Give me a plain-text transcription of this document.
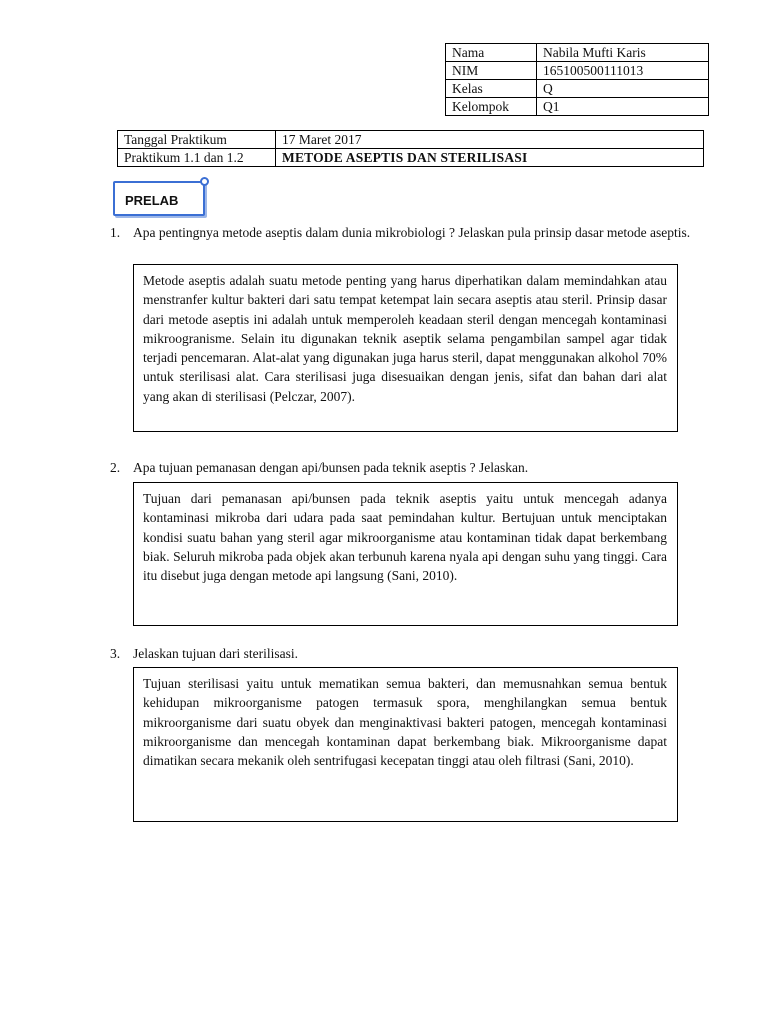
Nama	Nabila Mufti Karis
NIM	165100500111013
Kelas	Q
Kelompok	Q1
Tanggal Praktikum	17 Maret 2017
Praktikum 1.1 dan 1.2	METODE ASEPTIS DAN STERILISASI
PRELAB
1. Apa pentingnya metode aseptis dalam dunia mikrobiologi ? Jelaskan pula prinsip dasar metode aseptis.
Metode aseptis adalah suatu metode penting yang harus diperhatikan dalam memindahkan atau menstranfer kultur bakteri dari satu tempat ketempat lain secara aseptis atau steril. Prinsip dasar dari metode aseptis ini adalah untuk memperoleh keadaan steril dengan mencegah kontaminasi mikroogranisme. Selain itu digunakan teknik aseptik selama pengambilan sampel agar tidak terjadi pencemaran. Alat-alat yang digunakan juga harus steril, dapat menggunakan alkohol 70% untuk sterilisasi alat. Cara sterilisasi juga disesuaikan dengan jenis, sifat dan bahan dari alat yang akan di sterilisasi (Pelczar, 2007).
2. Apa tujuan pemanasan dengan api/bunsen pada teknik aseptis ? Jelaskan.
Tujuan dari pemanasan api/bunsen pada teknik aseptis yaitu untuk mencegah adanya kontaminasi mikroba dari udara pada saat pemindahan kultur. Bertujuan untuk menciptakan kondisi suatu bahan yang steril agar mikroorganisme atau kontaminan tidak dapat berkembang biak. Seluruh mikroba pada objek akan terbunuh karena nyala api dengan suhu yang tinggi. Cara itu disebut juga dengan metode api langsung (Sani, 2010).
3. Jelaskan tujuan dari sterilisasi.
Tujuan sterilisasi yaitu untuk mematikan semua bakteri, dan memusnahkan semua bentuk kehidupan mikroorganisme patogen termasuk spora, menghilangkan semua bentuk mikroorganisme dari suatu obyek dan menginaktivasi bakteri patogen, mencegah kontaminasi mikroorganisme dan mencegah kontaminan dapat berkembang biak. Mikroorganisme dapat dimatikan secara mekanik oleh sentrifugasi kecepatan tinggi atau oleh filtrasi (Sani, 2010).
